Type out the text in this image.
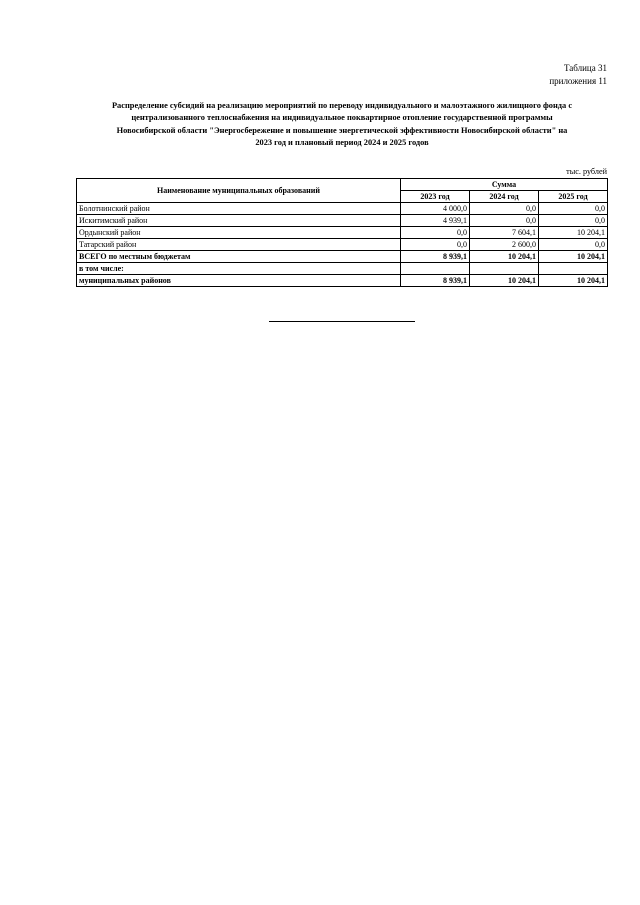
Таблица 31
приложения 11
Распределение субсидий на реализацию мероприятий по переводу индивидуального и малоэтажного жилищного фонда с
централизованного теплоснабжения на индивидуальное поквартирное отопление государственной программы
Новосибирской области "Энергосбережение и повышение энергетической эффективности Новосибирской области" на
2023 год и плановый период 2024 и 2025 годов
тыс. рублей
Наименование муниципальных образований	Сумма		
	2023 год	2024 год	2025 год
Болотнинский район	4 000,0	0,0	0,0
Искитимский район	4 939,1	0,0	0,0
Ордынский район	0,0	7 604,1	10 204,1
Татарский район	0,0	2 600,0	0,0
ВСЕГО по местным бюджетам	8 939,1	10 204,1	10 204,1
в том числе:			
муниципальных районов	8 939,1	10 204,1	10 204,1
